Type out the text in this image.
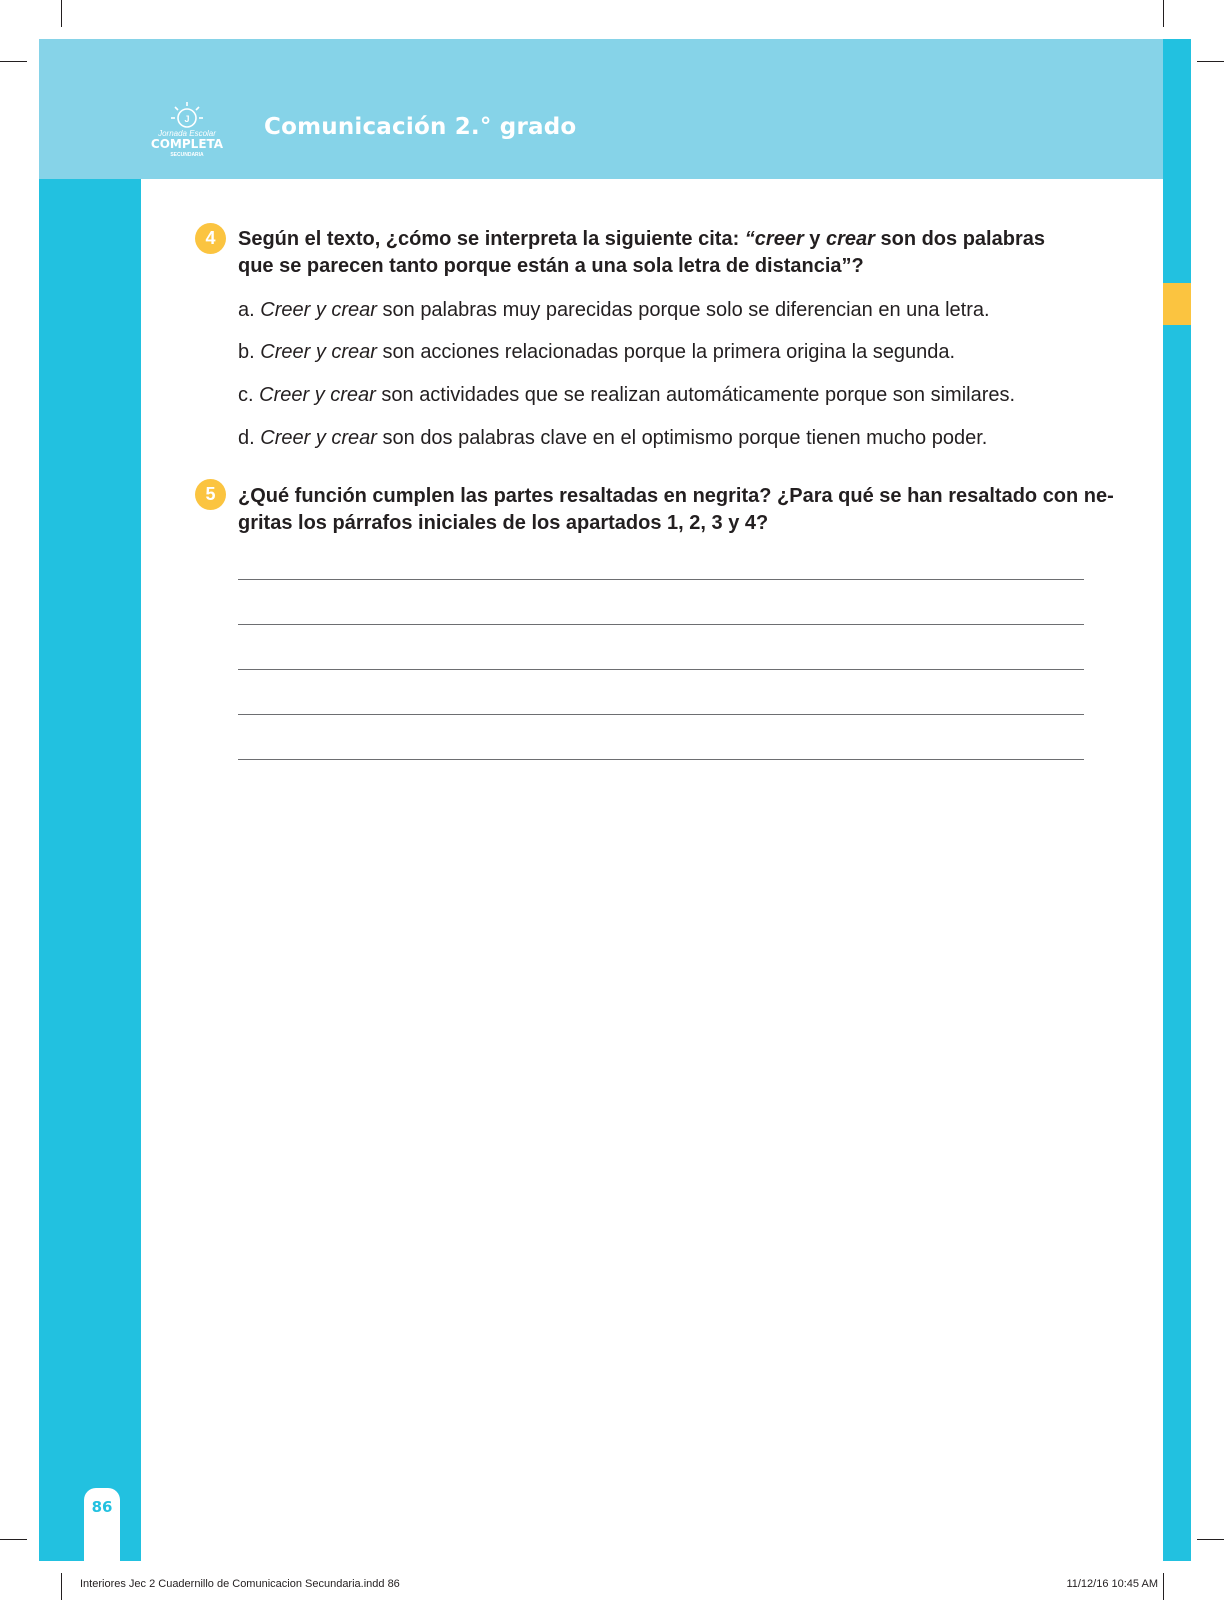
J
Jornada Escolar
COMPLETA
SECUNDARIA
Comunicación 2.° grado
4	Según el texto, ¿cómo se interpreta la siguiente cita: “creer y crear son dos palabras que se parecen tanto porque están a una sola letra de distancia”?
a. Creer y crear son palabras muy parecidas porque solo se diferencian en una letra.
b. Creer y crear son acciones relacionadas porque la primera origina la segunda.
c. Creer y crear son actividades que se realizan automáticamente porque son similares.
d. Creer y crear son dos palabras clave en el optimismo porque tienen mucho poder.
5	¿Qué función cumplen las partes resaltadas en negrita? ¿Para qué se han resaltado con ne-
gritas los párrafos iniciales de los apartados 1, 2, 3 y 4?
86
Interiores Jec 2 Cuadernillo de Comunicacion Secundaria.indd 86	11/12/16 10:45 AM
